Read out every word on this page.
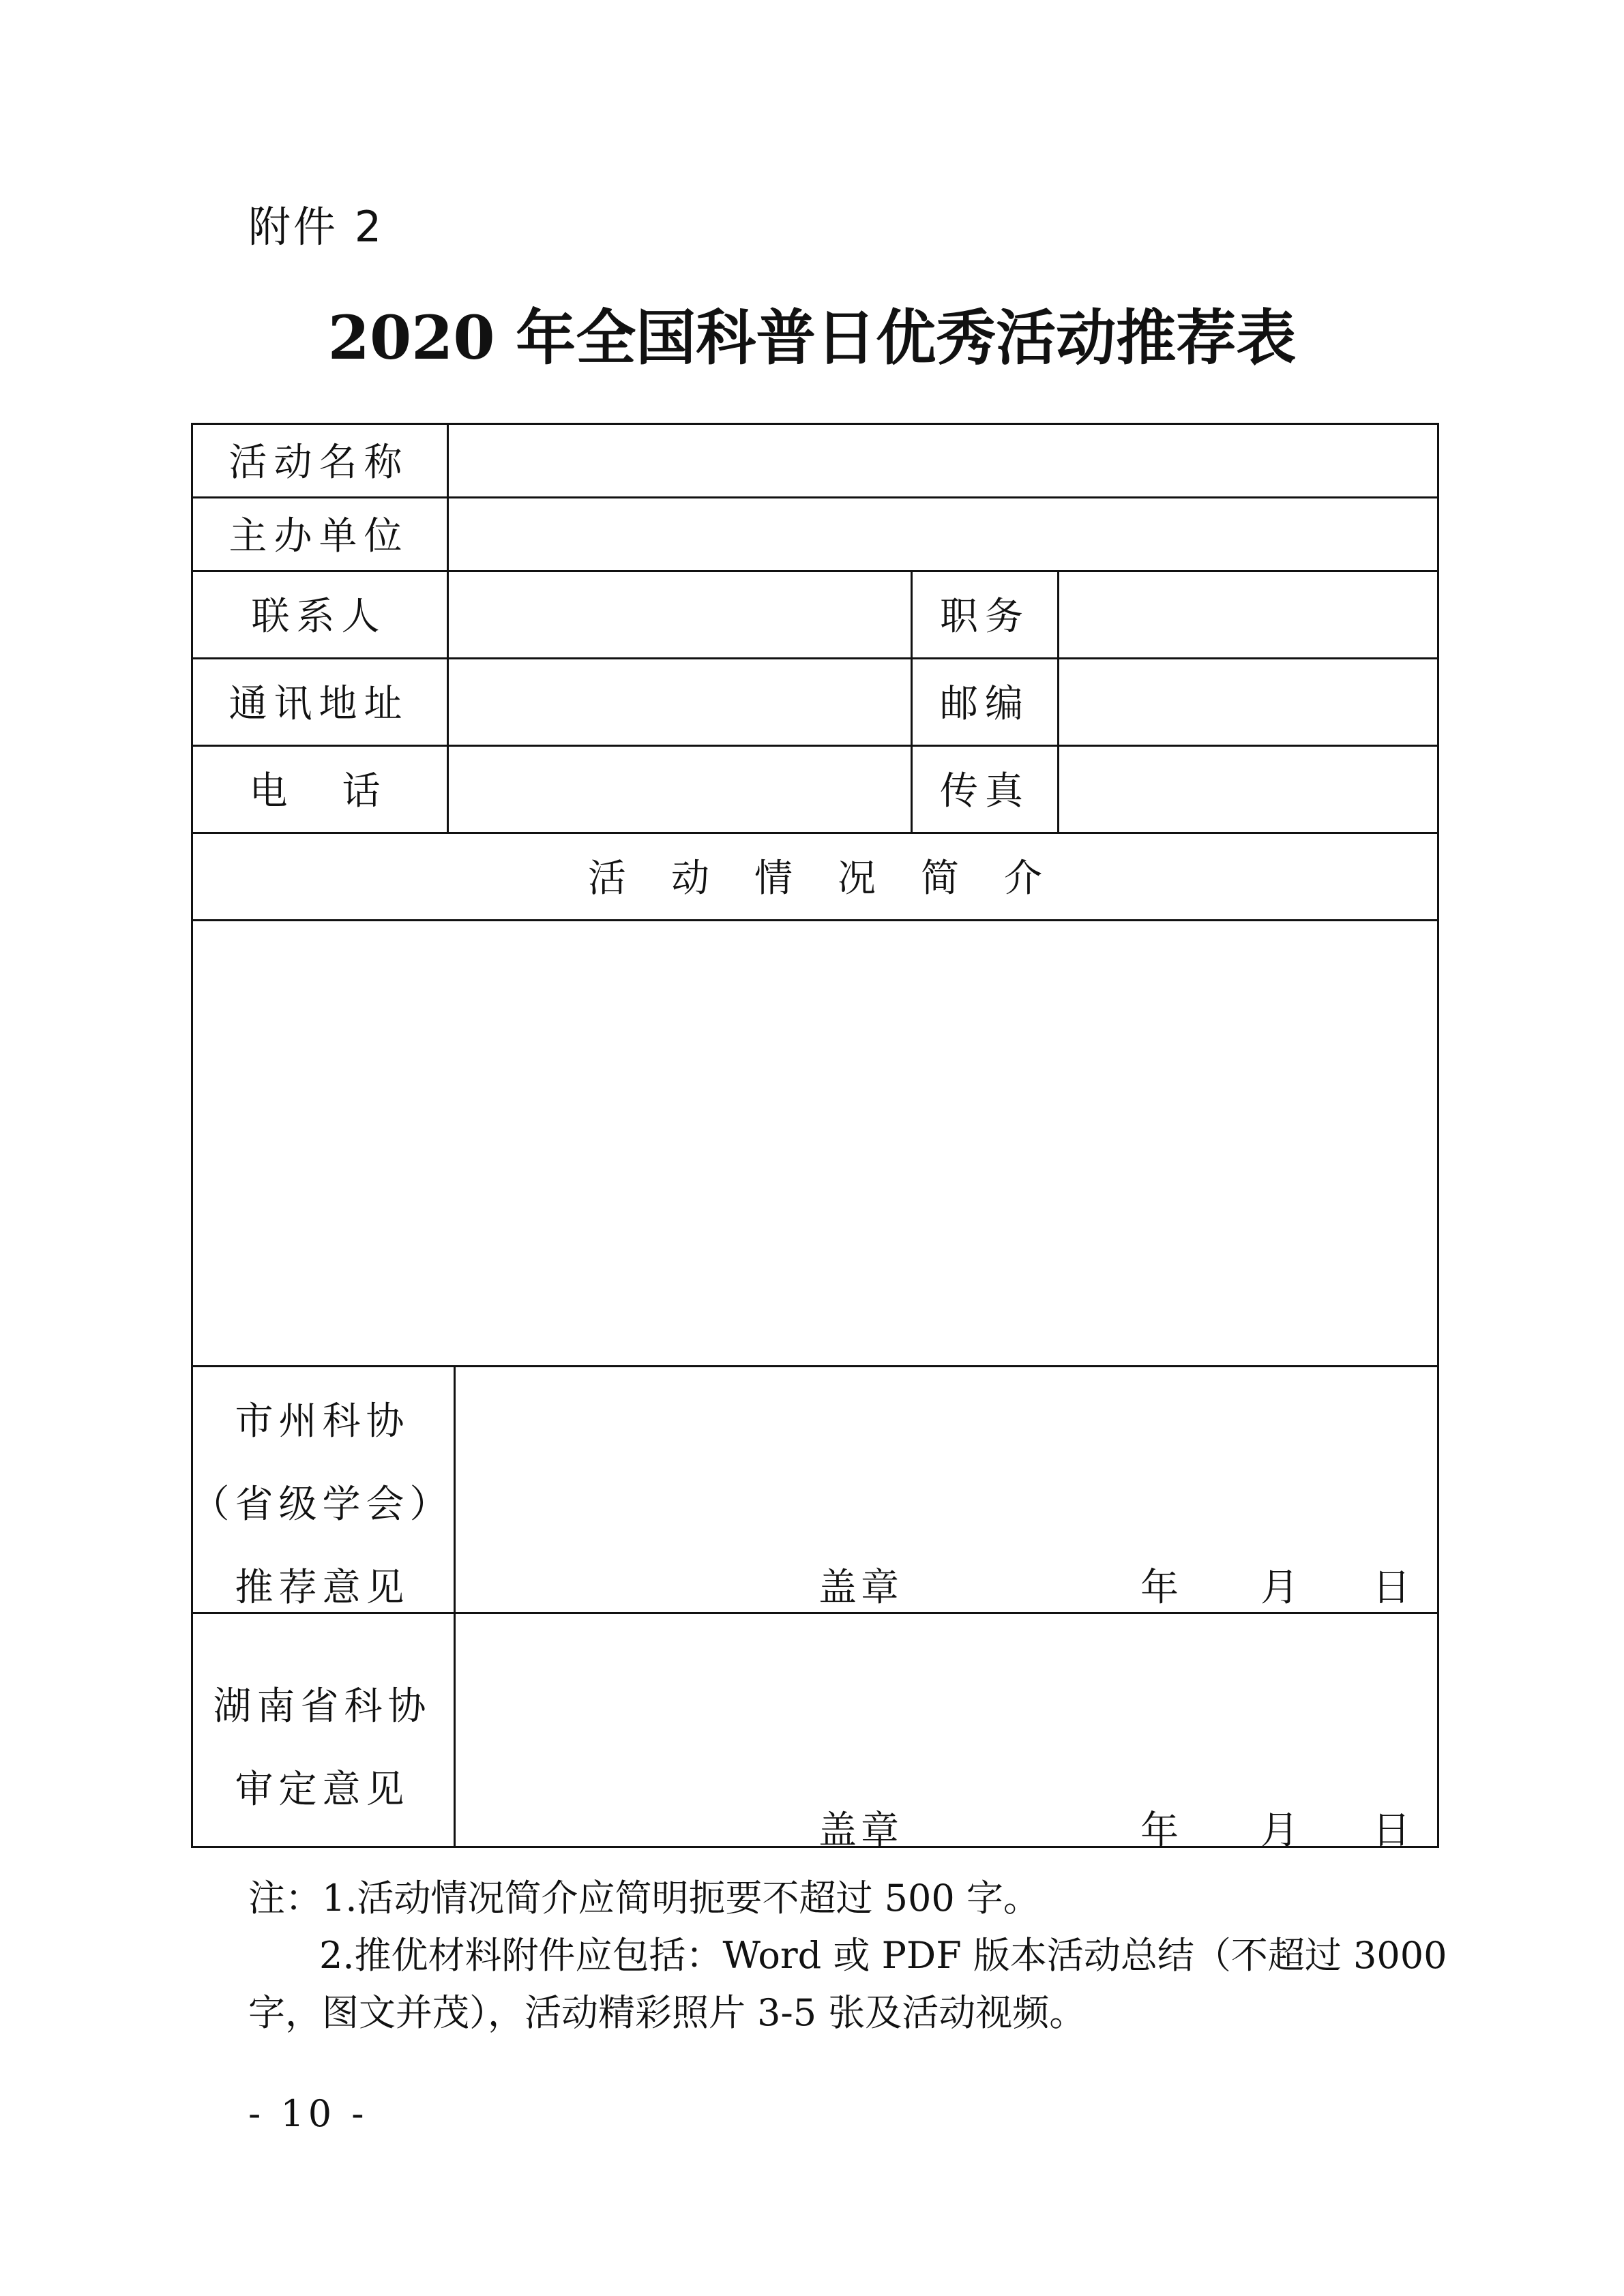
附件 2
2020 年全国科普日优秀活动推荐表
活动名称
主办单位
联系人	职务
通讯地址	邮编
电　话	传真
活动情况简介
市州科协
（省级学会）
推荐意见	盖章	年 月 日
湖南省科协
审定意见
盖章	年 月 日
注：1.活动情况简介应简明扼要不超过 500 字。
2.推优材料附件应包括：Word 或 PDF 版本活动总结（不超过 3000
字，图文并茂），活动精彩照片 3-5 张及活动视频。
- 10 -
